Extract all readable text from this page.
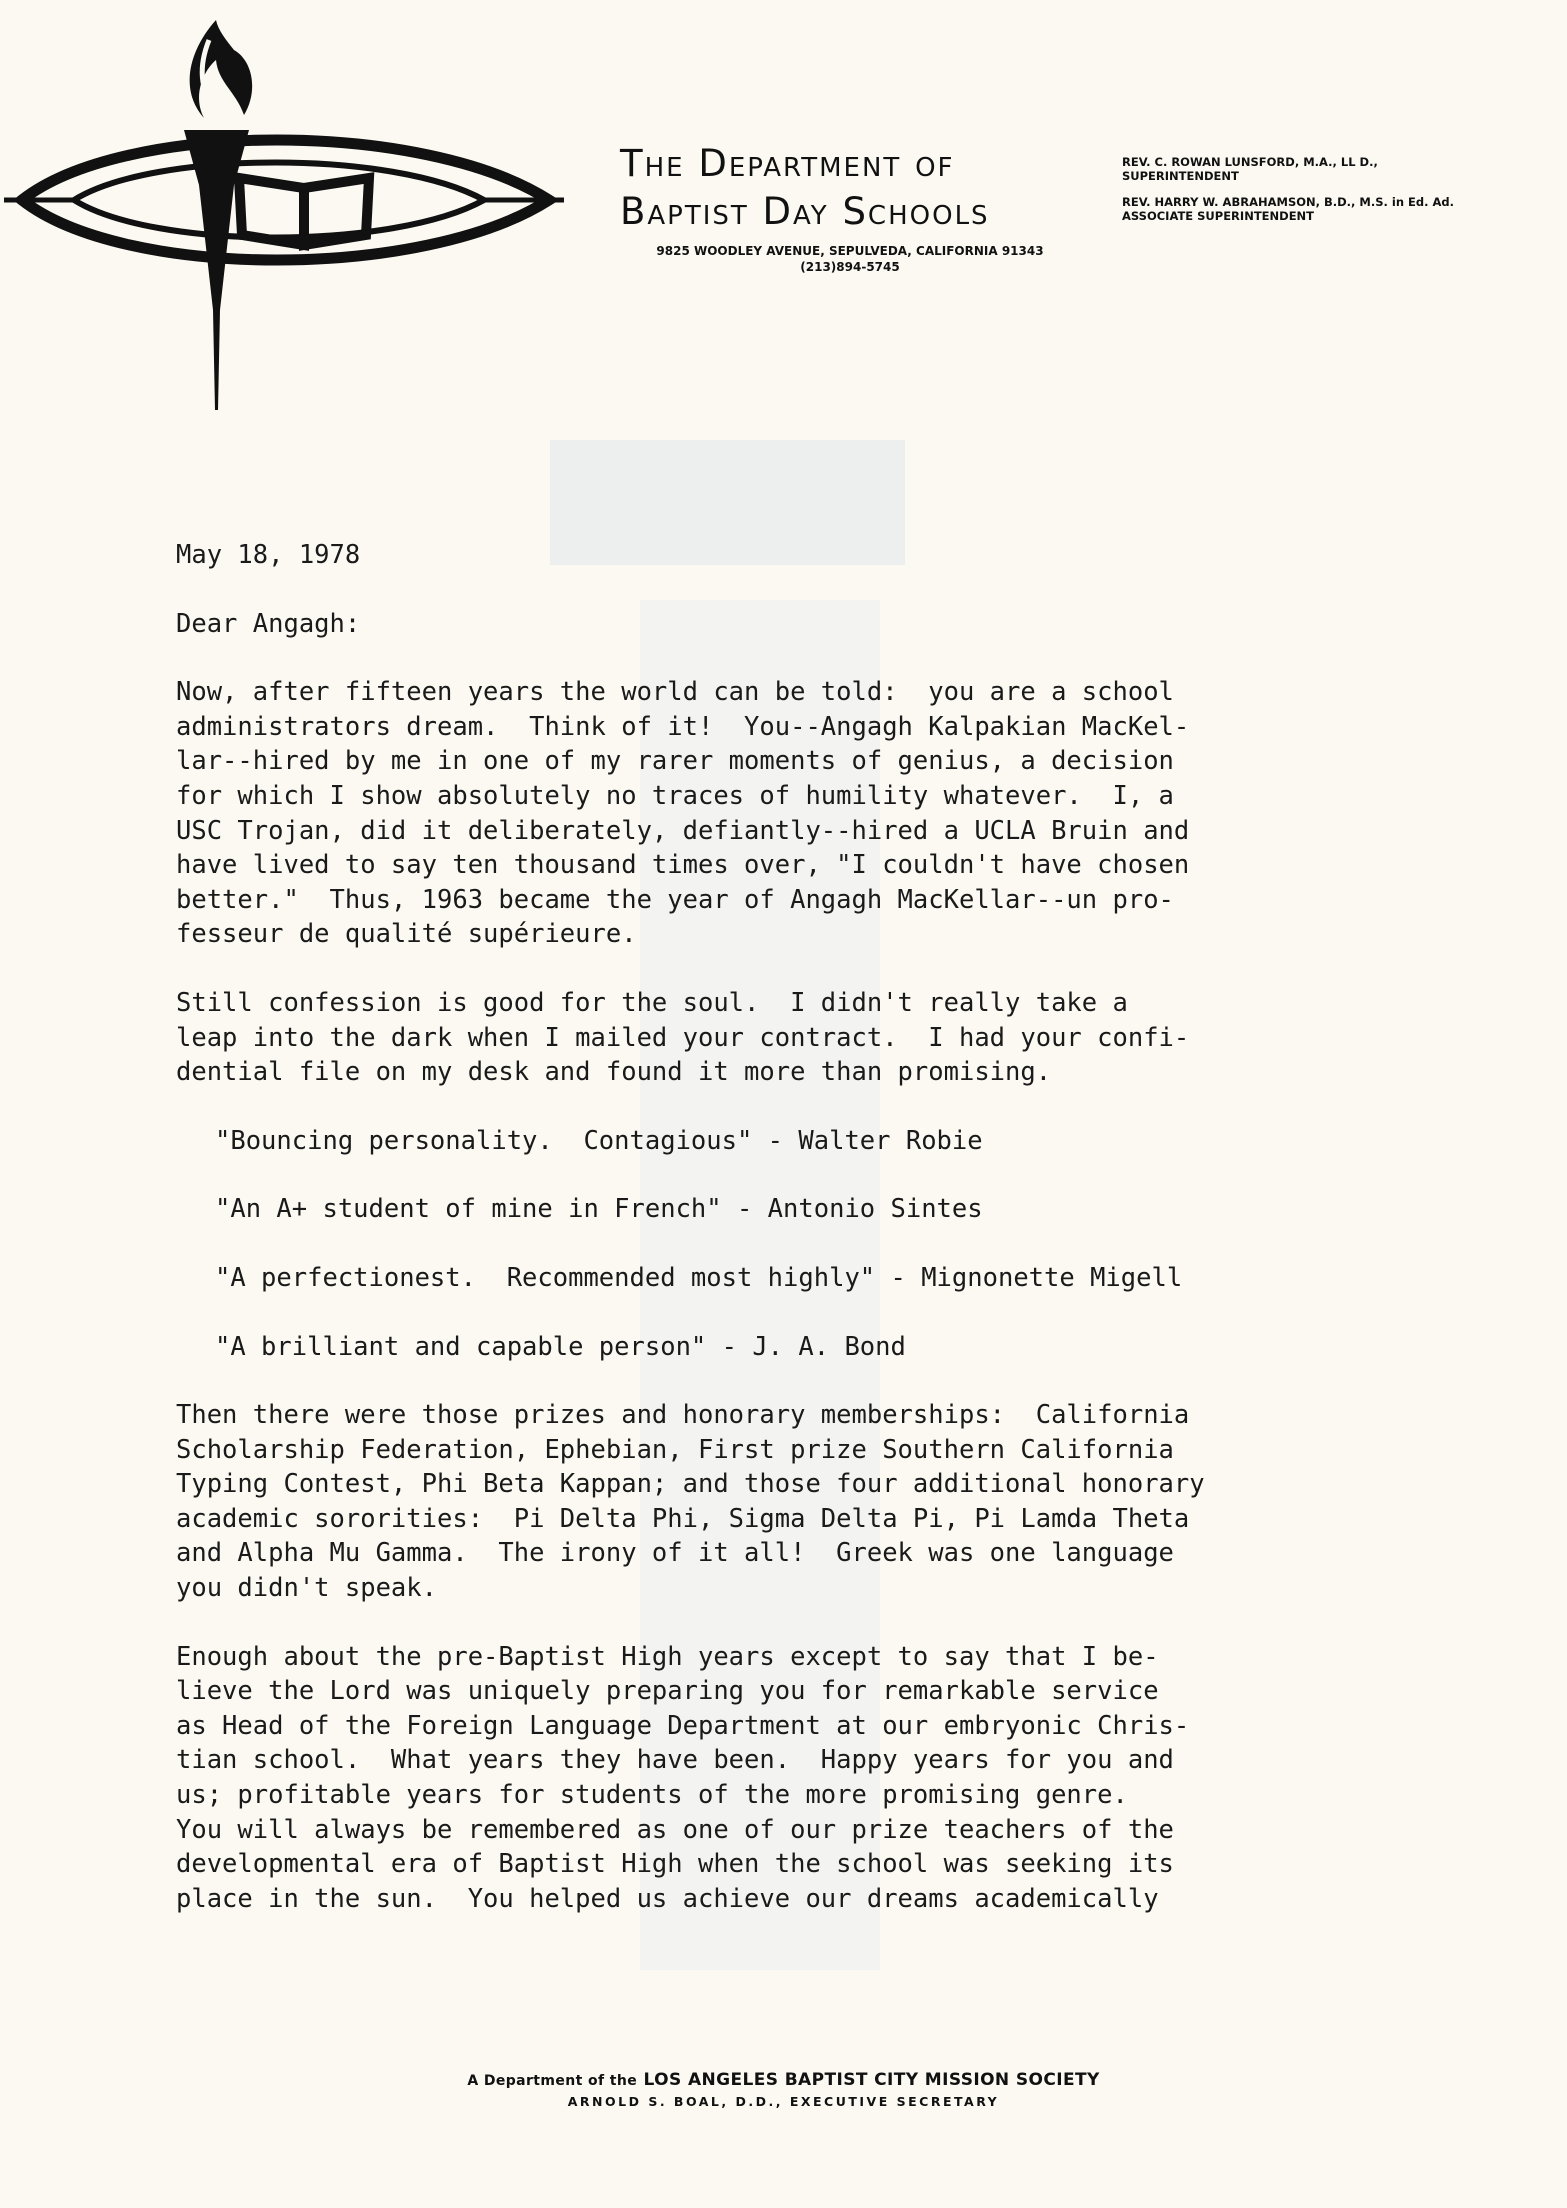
The Department of
Baptist Day Schools
9825 WOODLEY AVENUE, SEPULVEDA, CALIFORNIA 91343
(213)894-5745
REV. C. ROWAN LUNSFORD, M.A., LL D.,
SUPERINTENDENT
REV. HARRY W. ABRAHAMSON, B.D., M.S. in Ed. Ad.
ASSOCIATE SUPERINTENDENT
May 18, 1978
Dear Angagh:
Now, after fifteen years the world can be told:  you are a school
administrators dream.  Think of it!  You--Angagh Kalpakian MacKel-
lar--hired by me in one of my rarer moments of genius, a decision
for which I show absolutely no traces of humility whatever.  I, a
USC Trojan, did it deliberately, defiantly--hired a UCLA Bruin and
have lived to say ten thousand times over, "I couldn't have chosen
better."  Thus, 1963 became the year of Angagh MacKellar--un pro-
fesseur de qualité supérieure.
Still confession is good for the soul.  I didn't really take a
leap into the dark when I mailed your contract.  I had your confi-
dential file on my desk and found it more than promising.
"Bouncing personality.  Contagious" - Walter Robie
"An A+ student of mine in French" - Antonio Sintes
"A perfectionest.  Recommended most highly" - Mignonette Migell
"A brilliant and capable person" - J. A. Bond
Then there were those prizes and honorary memberships:  California
Scholarship Federation, Ephebian, First prize Southern California
Typing Contest, Phi Beta Kappan; and those four additional honorary
academic sororities:  Pi Delta Phi, Sigma Delta Pi, Pi Lamda Theta
and Alpha Mu Gamma.  The irony of it all!  Greek was one language
you didn't speak.
Enough about the pre-Baptist High years except to say that I be-
lieve the Lord was uniquely preparing you for remarkable service
as Head of the Foreign Language Department at our embryonic Chris-
tian school.  What years they have been.  Happy years for you and
us; profitable years for students of the more promising genre.
You will always be remembered as one of our prize teachers of the
developmental era of Baptist High when the school was seeking its
place in the sun.  You helped us achieve our dreams academically
A Department of the LOS ANGELES BAPTIST CITY MISSION SOCIETY
ARNOLD S. BOAL, D.D., EXECUTIVE SECRETARY
